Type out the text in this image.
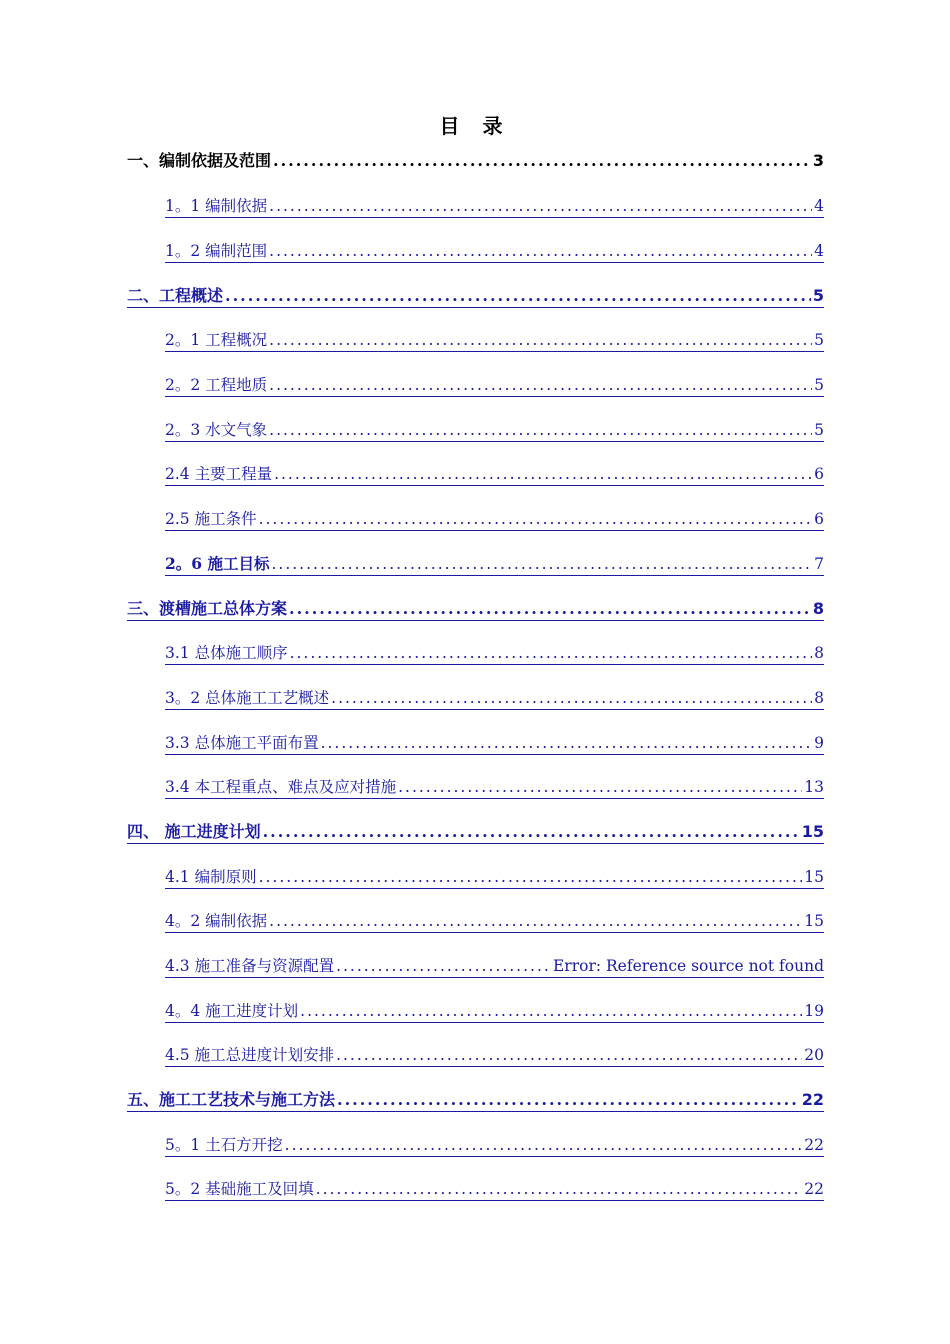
目 录
一、编制依据及范围 .....	3
1。1 编制依据 .....	4
1。2 编制范围 .....	4
二、工程概述 .....	5
2。1 工程概况 .....	5
2。2 工程地质 .....	5
2。3 水文气象 .....	5
2.4 主要工程量 .....	6
2.5 施工条件 .....	6
2。6 施工目标 .....	7
三、渡槽施工总体方案 .....	8
3.1 总体施工顺序 .....	8
3。2 总体施工工艺概述 .....	8
3.3 总体施工平面布置 .....	9
3.4 本工程重点、难点及应对措施 .....	13
四、 施工进度计划 .....	15
4.1 编制原则 .....	15
4。2 编制依据 .....	15
4.3 施工准备与资源配置 .....	Error: Reference source not found
4。4 施工进度计划 .....	19
4.5 施工总进度计划安排 .....	20
五、施工工艺技术与施工方法 .....	22
5。1 土石方开挖 .....	22
5。2 基础施工及回填 .....	22
